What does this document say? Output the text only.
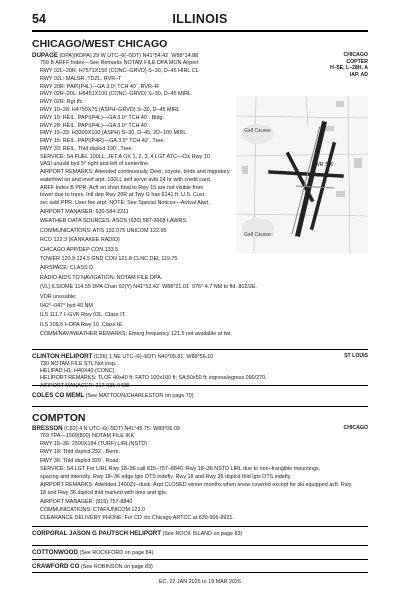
54	ILLINOIS
CHICAGO/WEST CHICAGO
DUPAGE (DPA)(KDPA) 29 W UTC–6(–5DT) N41°54.42´ W88°14.88´	CHICAGO
COPTER
H–5E, L–28H, A
IAP, AD
759 B ARFF Index—See Remarks NOTAM FILE DPA MON Airport
RWY 02L–20R: H7571X150 (CONC–GRVD) S–30, D–45 HIRL CL
RWY 02L: MALSR. TDZL. RVR–T
RWY 20R: PAPI(P4L)—GA 3.0° TCH 40´. RVR–R
RWY 02R–20L: H6451X100 (CONC–GRVD) S–30, D–45 MIRL
RWY 02R: Rgt tfc.
RWY 10–28: H4750X75 (ASPH–GRVD) S–30, D–45 MIRL
RWY 10: REIL. PAPI(P4L)—GA 3.0° TCH 40´. Bldg.
RWY 28: REIL. PAPI(P4L)—GA 3.0° TCH 40´.
RWY 15–33: H3399X100 (ASPH) S–30, D–45, 2D–100 MIRL
RWY 15: REIL. PAPI(P4R)—GA 3.9° TCH 42´. Tree.
RWY 33: REIL. Thld dsplcd 190´. Tree.
SERVICE: S4 FUEL 100LL, JET A OX 1, 2, 3, 4 LGT ATC—Ctc Rwy 10
VASI unusbl byd 5° right and left of centerline.
AIRPORT REMARKS: Attended continuously. Deer, coyote, birds and migratory
waterfowl on and invof arpt. 100LL self serve avbl 24 hr with credit card.
ARFF Index B PPR. Acft on short final to Rwy 15 are not visible from
tower due to trees. Intl dep Rwy 20R at Twy G has 6141 ft. U.S. Cust
svc avbl PPR. User fee arpt. NOTE: See Special Notices—Arrival Alert.
AIRPORT MANAGER: 630-584-2211
WEATHER DATA SOURCES: ASOS (630) 587-3668 LAWRS.
COMMUNICATIONS: ATIS 132.075 UNICOM 122.95
RCO 122.3 (KANKAKEE RADIO)
CHICAGO APP/DEP CON 133.5
TOWER 120.9 124.5 GND CON 121.8 CLNC DEL 119.75
AIRSPACE: CLASS D.
RADIO AIDS TO NAVIGATION: NOTAM FILE DPA.
(VL) ILS/DME 114.55 DPA Chan 92(Y) N41°53.42´ W88°21.01´ 076° 4.7 NM to fld. 802/2E.
VOR unusable:
042°–047° byd 40 NM
ILS 111.7 I–GVK Rwy 02L. Class IT.
ILS 109.5 I–DPA Rwy 10. Class IE.
COMM/NAV/WEATHER REMARKS: Emerg frequency 121.5 not available at twr.
Golf Course
Golf Course
TWR 726
CLINTON HELIPORT (C26) 1 NE UTC–6(–5DT) N40°09.81´ W88°56.10´	ST LOUIS
730 NOTAM FILE STL Not insp.
HELIPAD H1: H40X40 (CONC)
HELIPORT REMARKS: TLOF 40x40 ft; FATO 100x100 ft; SA 50x50 ft; ingress/egress 090/270.
AIRPORT MANAGER: 217-935-9438
COLES CO MEML (See MATTOON/CHARLESTON on page 70)
COMPTON
BRESSON (C82) 4 N UTC–6(–5DT) N41°45.75´ W89°06.09´	CHICAGO
769 TPA—1569(800) NOTAM FILE IKK
RWY 18–36: 2590X184 (TURF) LIRL(NSTD)
RWY 18: Thld dsplcd 292´. Berm.
RWY 36: Thld dsplcd 320´. Road.
SERVICE: S4 LGT For LIRL Rwy 18–36 call 815–757–8840. Rwy 18–36 NSTD LIRL due to non–frangible mountings,
spacing and intensity. Rwy 18–36 edge lgts OTS indefly. Rwy 18 and Rwy 36 dsplcd thld lgts OTS indefly.
AIRPORT REMARKS: Attended 1400Z‡–dusk. Arpt CLOSED winter months when snow covered except for ski equipped acft. Rwy
18 and Rwy 36 dsplcd thld marked with tires and lgts.
AIRPORT MANAGER: (815) 757-8840
COMMUNICATIONS: CTAF/UNICOM 123.0
CLEARANCE DELIVERY PHONE: For CD ctc Chicago ARTCC at 630-906-8921.
CORPORAL JASON G PAUTSCH HELIPORT (See ROCK ISLAND on page 83)
COTTONWOOD (See ROCKFORD on page 84)
CRAWFORD CO (See ROBINSON on page 83)
EC, 22 JAN 2026 to 19 MAR 2026
